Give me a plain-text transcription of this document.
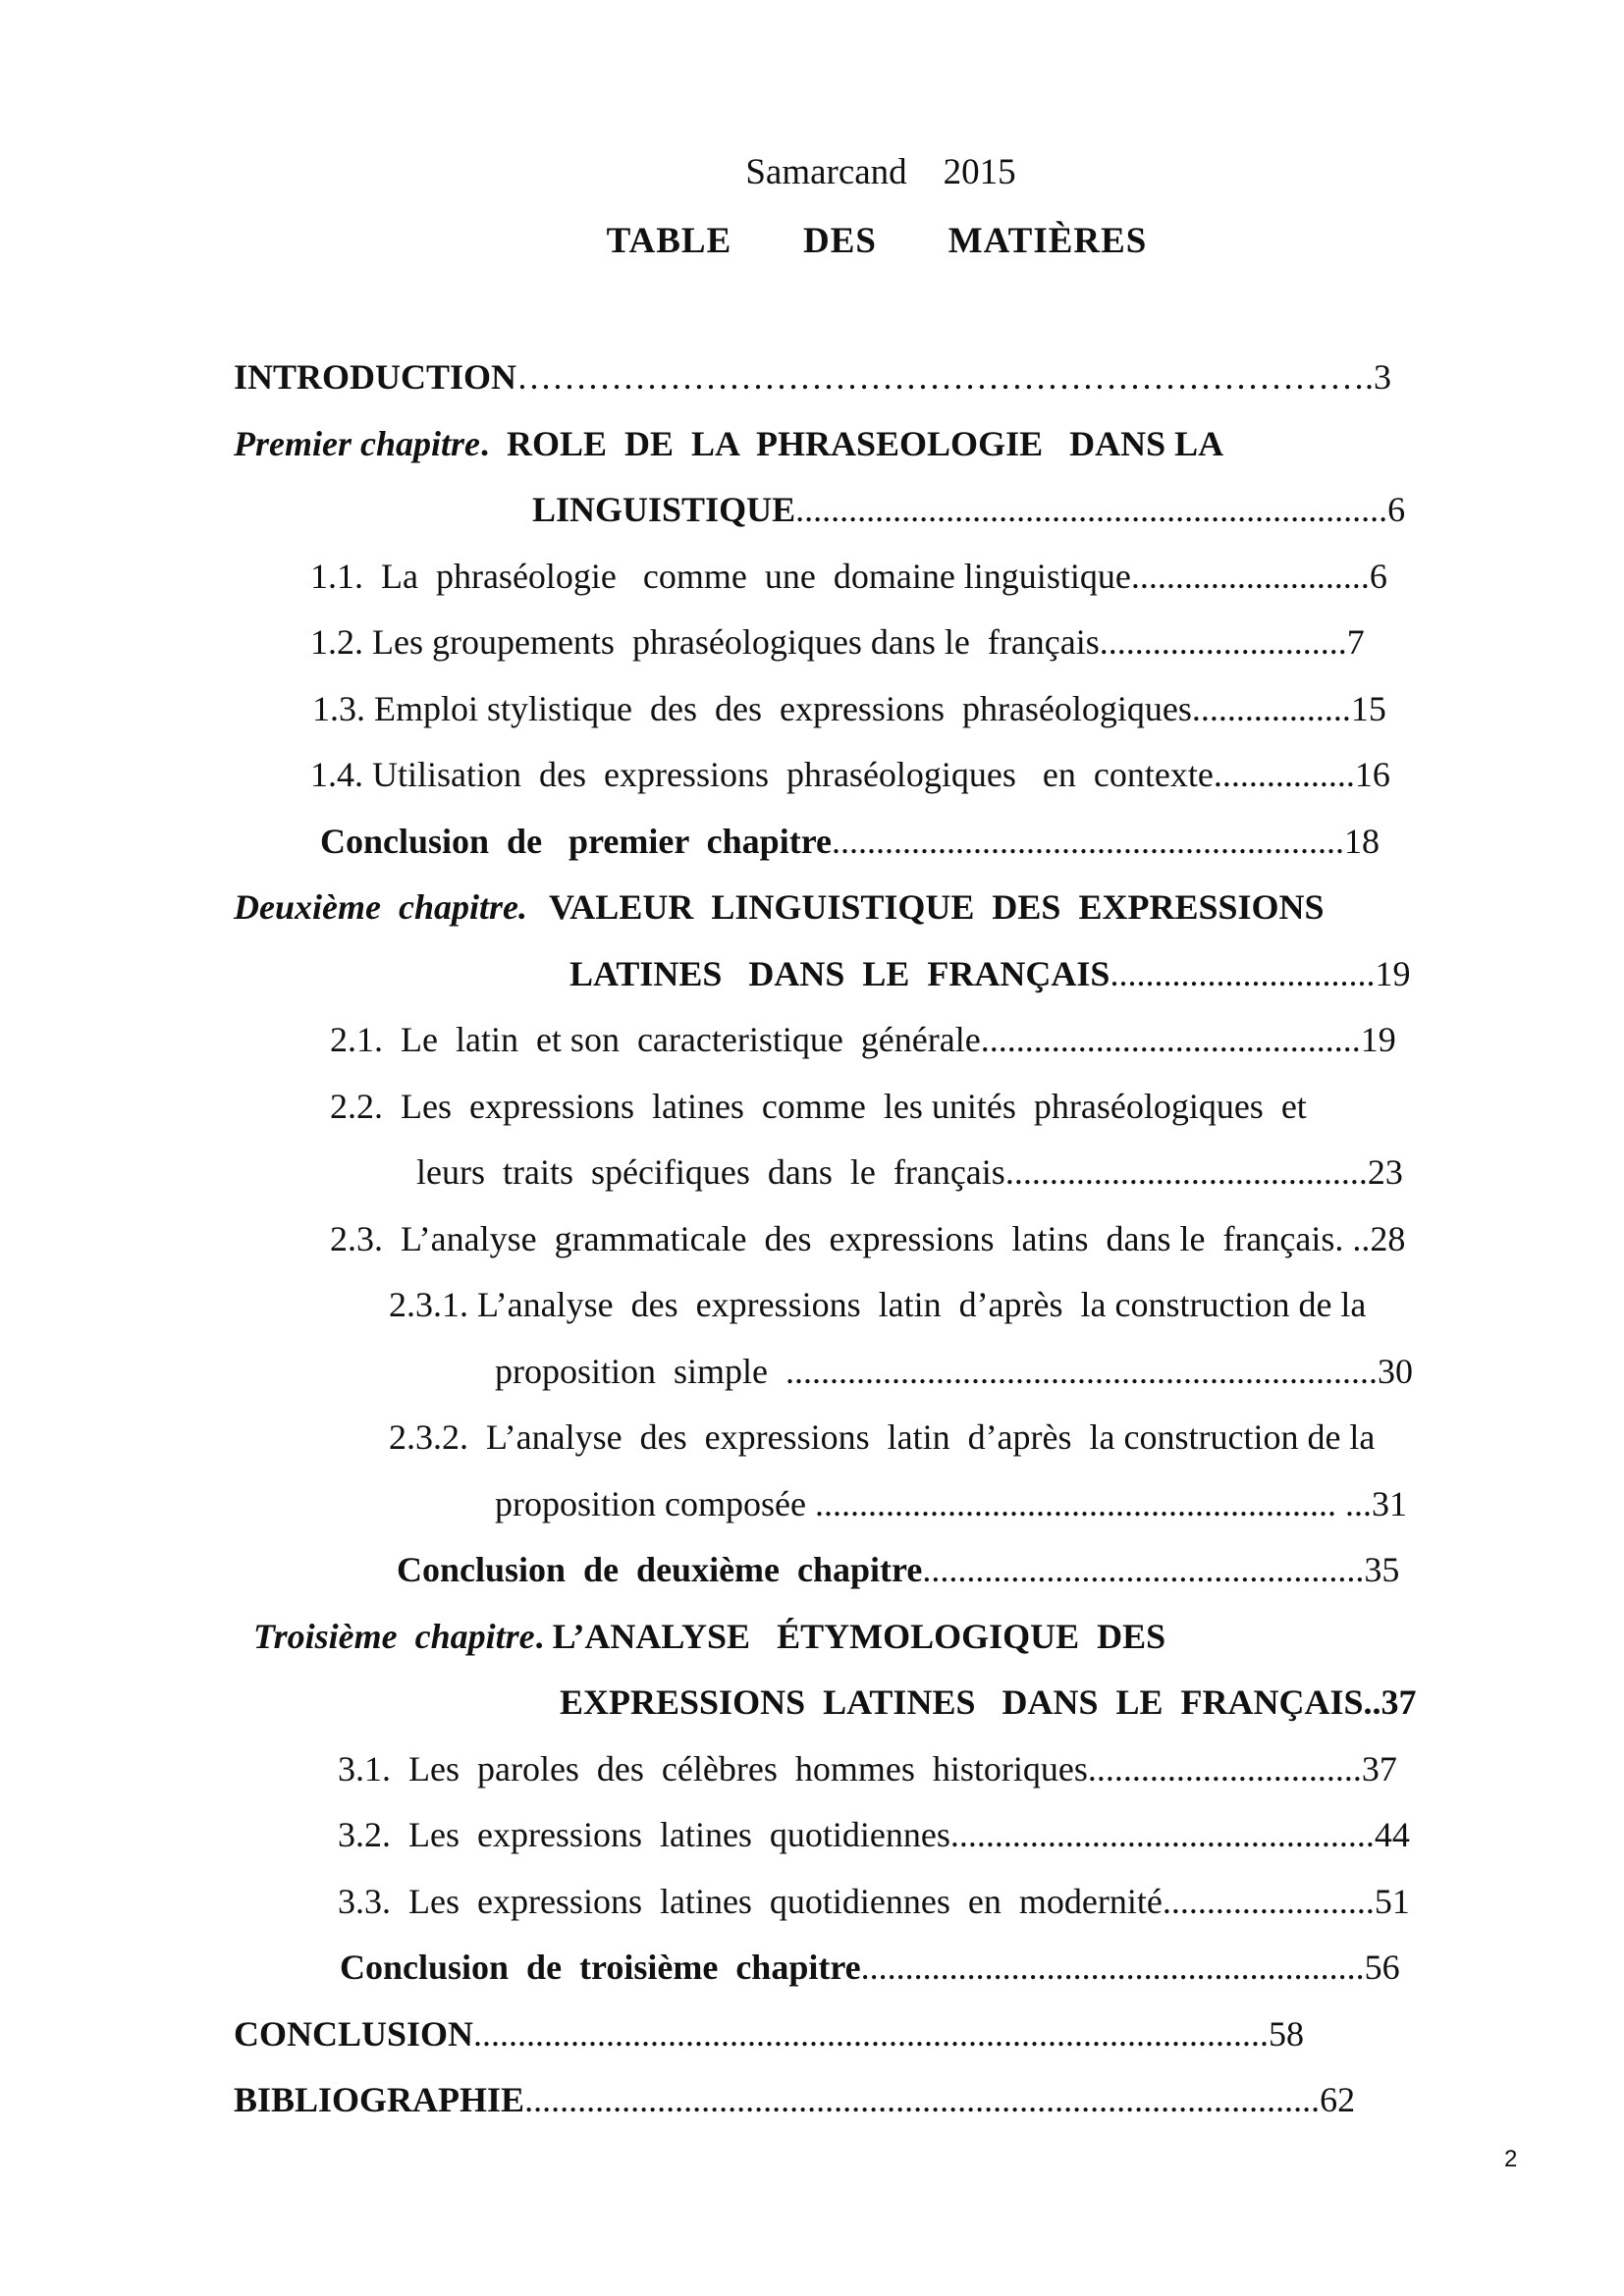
Samarcand    2015
TABLE   DES   MATIÈRES
INTRODUCTION……………………………………………………………….3
Premier chapitre.  ROLE  DE  LA  PHRASEOLOGIE   DANS LA
LINGUISTIQUE...................................................................6
1.1.  La  phraséologie   comme  une  domaine linguistique...........................6
1.2. Les groupements  phraséologiques dans le  français............................7
1.3. Emploi stylistique  des  des  expressions  phraséologiques..................15
1.4. Utilisation  des  expressions  phraséologiques   en  contexte................16
Conclusion  de   premier  chapitre..........................................................18
Deuxième  chapitre. VALEUR  LINGUISTIQUE  DES  EXPRESSIONS
LATINES   DANS  LE  FRANÇAIS..............................19
2.1.  Le  latin  et son  caracteristique  générale...........................................19
2.2.  Les  expressions  latines  comme  les unités  phraséologiques  et
leurs  traits  spécifiques  dans  le  français.........................................23
2.3.  L’analyse  grammaticale  des  expressions  latins  dans le  français. ..28
2.3.1. L’analyse  des  expressions  latin  d’après  la construction de la
proposition  simple  ...................................................................30
2.3.2.  L’analyse  des  expressions  latin  d’après  la construction de la
proposition composée ........................................................... ...31
Conclusion  de  deuxième  chapitre..................................................35
Troisième  chapitre. L’ANALYSE   ÉTYMOLOGIQUE  DES
EXPRESSIONS  LATINES   DANS  LE  FRANÇAIS..37
3.1.  Les  paroles  des  célèbres  hommes  historiques...............................37
3.2.  Les  expressions  latines  quotidiennes................................................44
3.3.  Les  expressions  latines  quotidiennes  en  modernité........................51
Conclusion  de  troisième  chapitre.........................................................56
CONCLUSION..........................................................................................58
BIBLIOGRAPHIE..........................................................................................62
2
